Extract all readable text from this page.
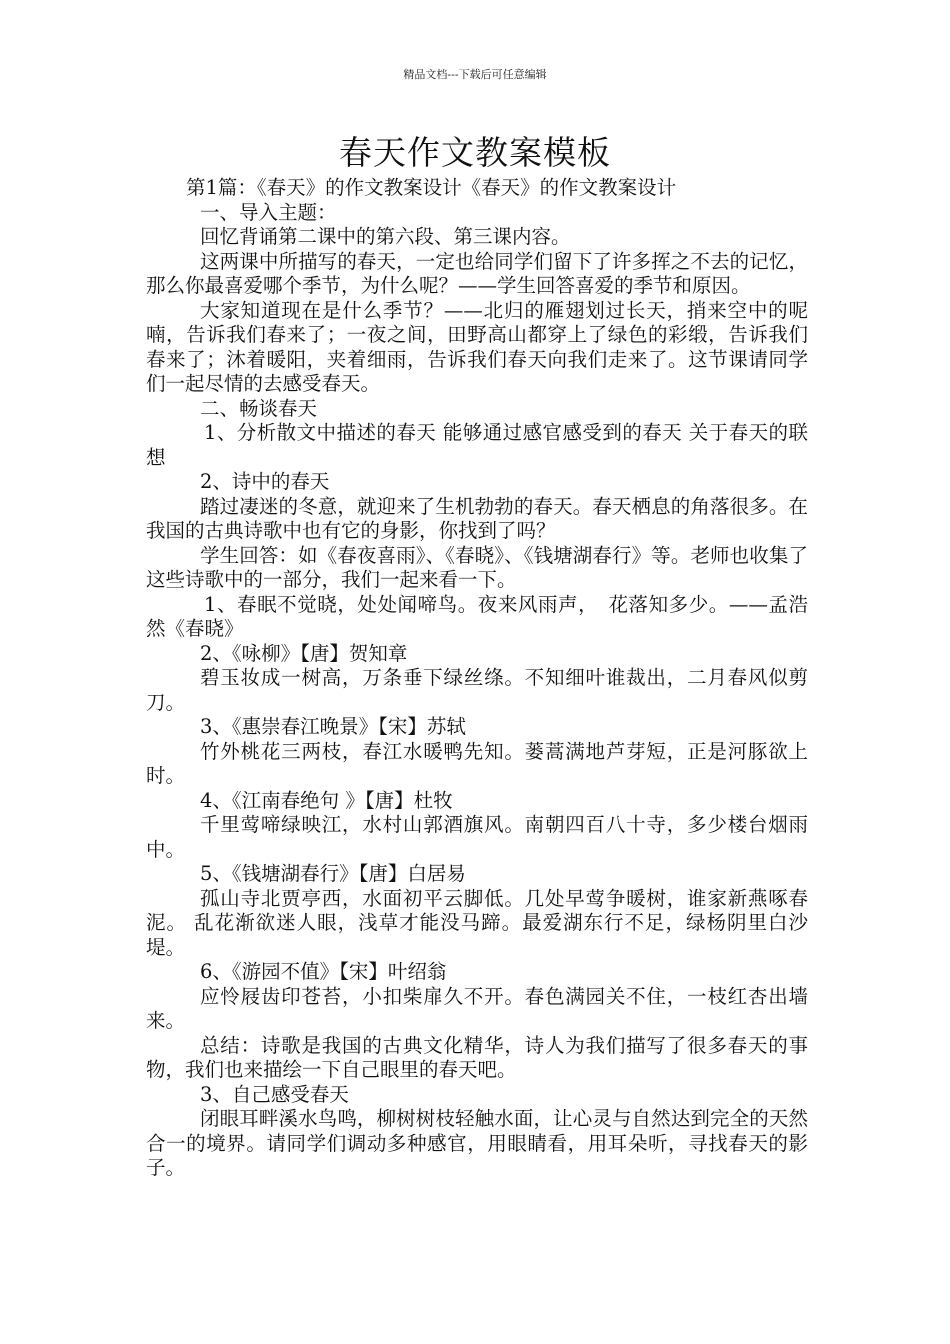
精品文档---下载后可任意编辑
春天作文教案模板

第1篇：《春天》的作文教案设计《春天》的作文教案设计

一、导入主题：

回忆背诵第二课中的第六段、第三课内容。

这两课中所描写的春天，一定也给同学们留下了许多挥之不去的记忆，那么你最喜爱哪个季节，为什么呢？——学生回答喜爱的季节和原因。

大家知道现在是什么季节？——北归的雁翅划过长天，捎来空中的呢喃，告诉我们春来了；一夜之间，田野高山都穿上了绿色的彩缎，告诉我们春来了；沐着暖阳，夹着细雨，告诉我们春天向我们走来了。这节课请同学们一起尽情的去感受春天。

二、畅谈春天

1、分析散文中描述的春天 能够通过感官感受到的春天 关于春天的联想

2、诗中的春天

踏过凄迷的冬意，就迎来了生机勃勃的春天。春天栖息的角落很多。在我国的古典诗歌中也有它的身影，你找到了吗？

学生回答：如《春夜喜雨》、《春晓》、《钱塘湖春行》等。老师也收集了这些诗歌中的一部分，我们一起来看一下。

1、春眠不觉晓，处处闻啼鸟。夜来风雨声，　花落知多少。——孟浩然《春晓》

2、《咏柳》【唐】贺知章

碧玉妆成一树高，万条垂下绿丝绦。不知细叶谁裁出，二月春风似剪刀。

3、《惠崇春江晚景》【宋】苏轼

竹外桃花三两枝，春江水暖鸭先知。蒌蒿满地芦芽短，正是河豚欲上时。

4、《江南春绝句 》【唐】杜牧

千里莺啼绿映江，水村山郭酒旗风。南朝四百八十寺，多少楼台烟雨中。

5、《钱塘湖春行》【唐】白居易

孤山寺北贾亭西，水面初平云脚低。几处早莺争暖树，谁家新燕啄春泥。 乱花渐欲迷人眼，浅草才能没马蹄。最爱湖东行不足，绿杨阴里白沙堤。

6、《游园不值》【宋】叶绍翁

应怜屐齿印苍苔，小扣柴扉久不开。春色满园关不住，一枝红杏出墙来。

总结：诗歌是我国的古典文化精华，诗人为我们描写了很多春天的事物，我们也来描绘一下自己眼里的春天吧。

3、自己感受春天

闭眼耳畔溪水鸟鸣，柳树树枝轻触水面，让心灵与自然达到完全的天然合一的境界。请同学们调动多种感官，用眼睛看，用耳朵听，寻找春天的影子。
